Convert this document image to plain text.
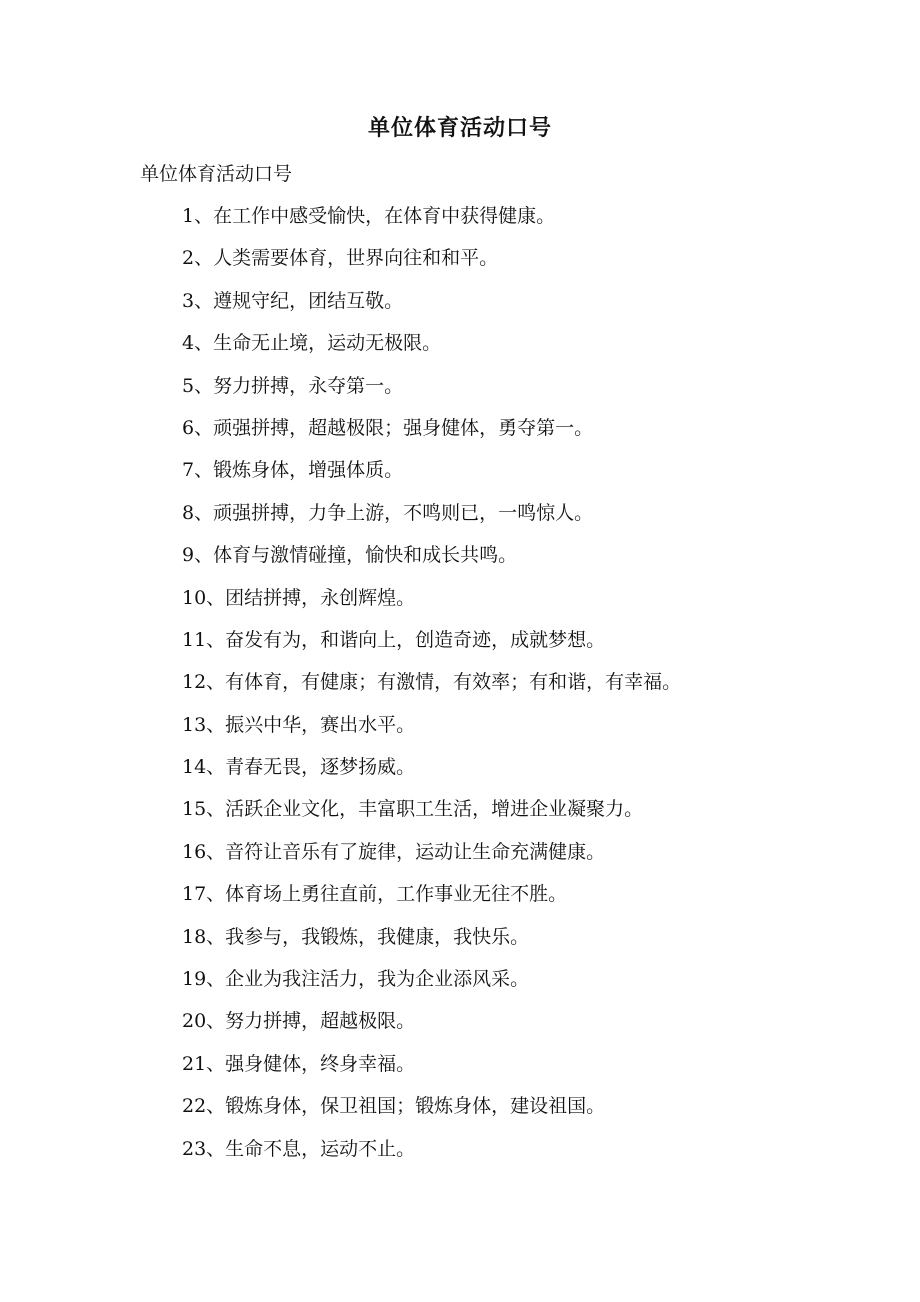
单位体育活动口号

单位体育活动口号

1、在工作中感受愉快，在体育中获得健康。
2、人类需要体育，世界向往和和平。
3、遵规守纪，团结互敬。
4、生命无止境，运动无极限。
5、努力拼搏，永夺第一。
6、顽强拼搏，超越极限；强身健体，勇夺第一。
7、锻炼身体，增强体质。
8、顽强拼搏，力争上游，不鸣则已，一鸣惊人。
9、体育与激情碰撞，愉快和成长共鸣。
10、团结拼搏，永创辉煌。
11、奋发有为，和谐向上，创造奇迹，成就梦想。
12、有体育，有健康；有激情，有效率；有和谐，有幸福。
13、振兴中华，赛出水平。
14、青春无畏，逐梦扬威。
15、活跃企业文化，丰富职工生活，增进企业凝聚力。
16、音符让音乐有了旋律，运动让生命充满健康。
17、体育场上勇往直前，工作事业无往不胜。
18、我参与，我锻炼，我健康，我快乐。
19、企业为我注活力，我为企业添风采。
20、努力拼搏，超越极限。
21、强身健体，终身幸福。
22、锻炼身体，保卫祖国；锻炼身体，建设祖国。
23、生命不息，运动不止。
